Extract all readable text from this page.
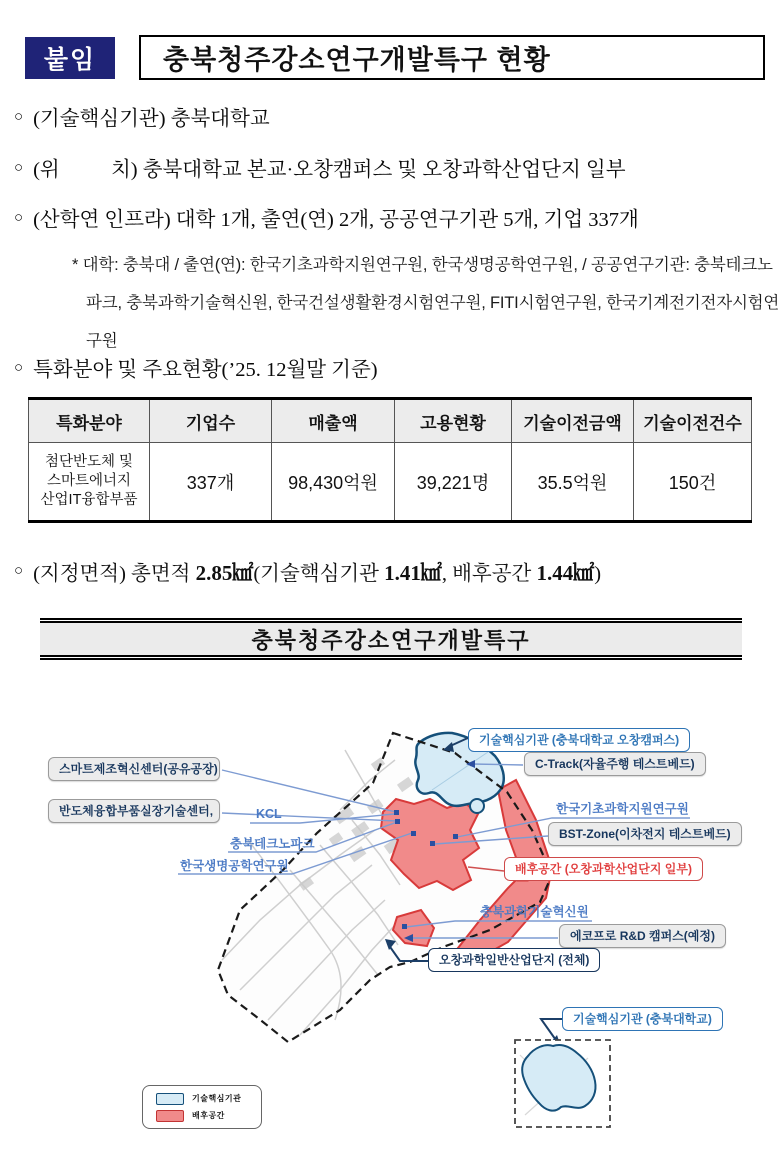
붙임	충북청주강소연구개발특구 현황
○ (기술핵심기관) 충북대학교
○ (위          치) 충북대학교 본교·오창캠퍼스 및 오창과학산업단지 일부
○ (산학연 인프라) 대학 1개, 출연(연) 2개, 공공연구기관 5개, 기업 337개
* 대학: 충북대 / 출연(연): 한국기초과학지원연구원, 한국생명공학연구원, / 공공연구기관: 충북테크노파크, 충북과학기술혁신원, 한국건설생활환경시험연구원, FITI시험연구원, 한국기계전기전자시험연구원
○ 특화분야 및 주요현황(’25. 12월말 기준)
특화분야	기업수	매출액	고용현황	기술이전금액	기술이전건수
첨단반도체 및
스마트에너지
산업IT융합부품
337개	98,430억원	39,221명	35.5억원	150건
○ (지정면적) 총면적 2.85㎢(기술핵심기관 1.41㎢, 배후공간 1.44㎢)
충북청주강소연구개발특구
스마트제조혁신센터(공유공장)
반도체융합부품실장기술센터,	KCL
충북테크노파크
한국생명공학연구원
기술핵심기관 (충북대학교 오창캠퍼스)
C-Track(자율주행 테스트베드)
한국기초과학지원연구원
BST-Zone(이차전지 테스트베드)
배후공간 (오창과학산업단지 일부)
충북과학기술혁신원
에코프로 R&D 캠퍼스(예정)
오창과학일반산업단지 (전체)
기술핵심기관 (충북대학교)
기술핵심기관
배후공간
